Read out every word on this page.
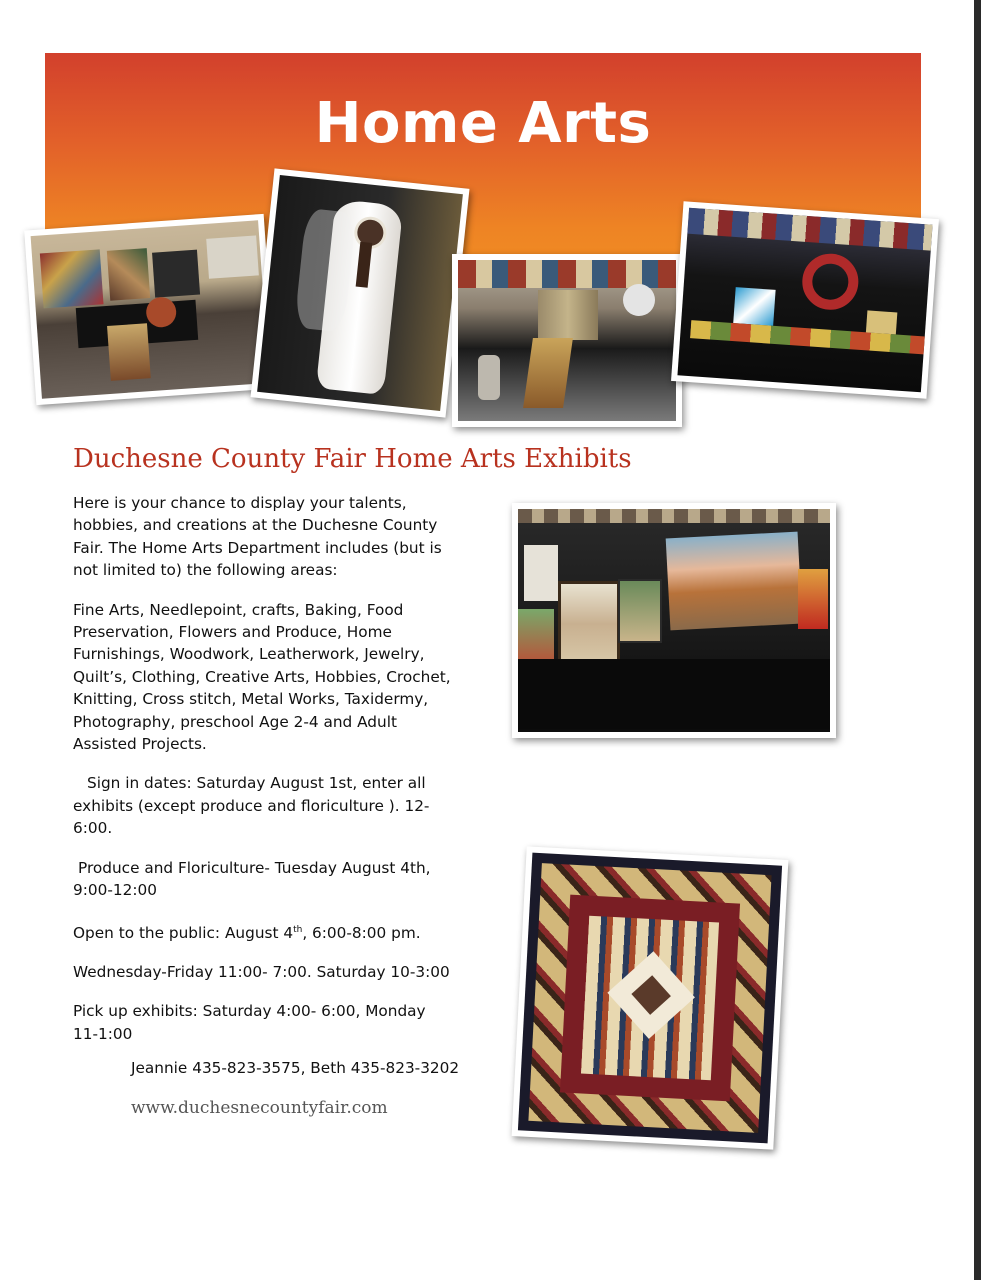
Home Arts
Duchesne County Fair Home Arts Exhibits

Here is your chance to display your talents, hobbies, and creations at the Duchesne County Fair. The Home Arts Department includes (but is not limited to) the following areas:

Fine Arts, Needlepoint, crafts, Baking, Food Preservation, Flowers and Produce, Home Furnishings, Woodwork, Leatherwork, Jewelry, Quilt’s, Clothing, Creative Arts, Hobbies, Crochet, Knitting, Cross stitch, Metal Works, Taxidermy, Photography, preschool Age 2-4 and Adult Assisted Projects.

Sign in dates: Saturday August 1st, enter all exhibits (except produce and floriculture ). 12-6:00.

Produce and Floriculture- Tuesday August 4th, 9:00-12:00

Open to the public: August 4th, 6:00-8:00 pm.

Wednesday-Friday 11:00- 7:00. Saturday 10-3:00

Pick up exhibits: Saturday 4:00- 6:00, Monday 11-1:00

Jeannie 435-823-3575, Beth 435-823-3202
www.duchesnecountyfair.com
